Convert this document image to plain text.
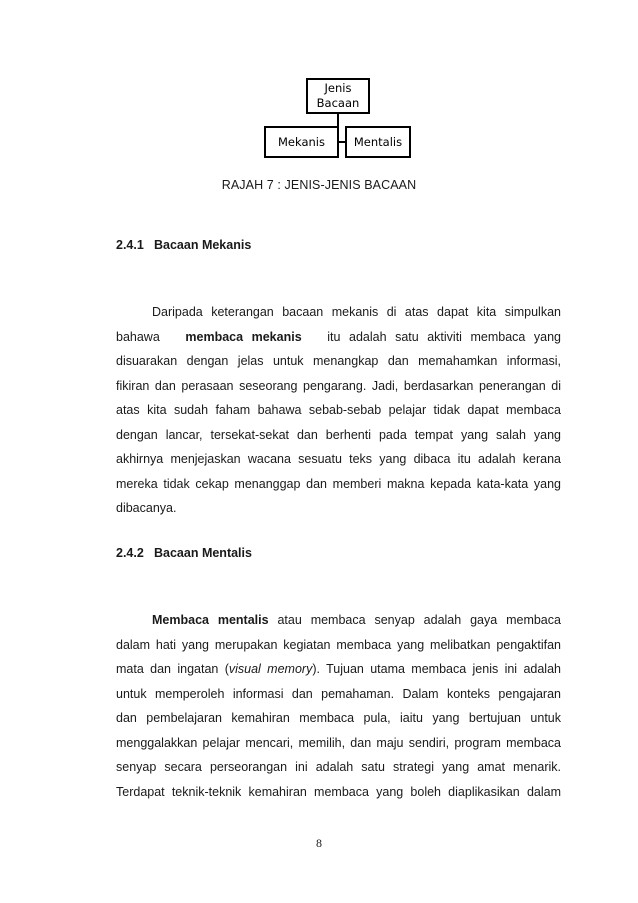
Jenis
Bacaan
Mekanis	Mentalis
RAJAH 7 : JENIS-JENIS BACAAN
2.4.1 Bacaan Mekanis
Daripada keterangan bacaan mekanis di atas dapat kita simpulkan
bahawa membaca mekanis itu adalah satu aktiviti membaca yang
disuarakan dengan jelas untuk menangkap dan memahamkan informasi,
fikiran dan perasaan seseorang pengarang. Jadi, berdasarkan penerangan di
atas kita sudah faham bahawa sebab-sebab pelajar tidak dapat membaca
dengan lancar, tersekat-sekat dan berhenti pada tempat yang salah yang
akhirnya menjejaskan wacana sesuatu teks yang dibaca itu adalah kerana
mereka tidak cekap menanggap dan memberi makna kepada kata-kata yang
dibacanya.
2.4.2 Bacaan Mentalis
Membaca mentalis atau membaca senyap adalah gaya membaca
dalam hati yang merupakan kegiatan membaca yang melibatkan pengaktifan
mata dan ingatan (visual memory). Tujuan utama membaca jenis ini adalah
untuk memperoleh informasi dan pemahaman. Dalam konteks pengajaran
dan pembelajaran kemahiran membaca pula, iaitu yang bertujuan untuk
menggalakkan pelajar mencari, memilih, dan maju sendiri, program membaca
senyap secara perseorangan ini adalah satu strategi yang amat menarik.
Terdapat teknik-teknik kemahiran membaca yang boleh diaplikasikan dalam
8
